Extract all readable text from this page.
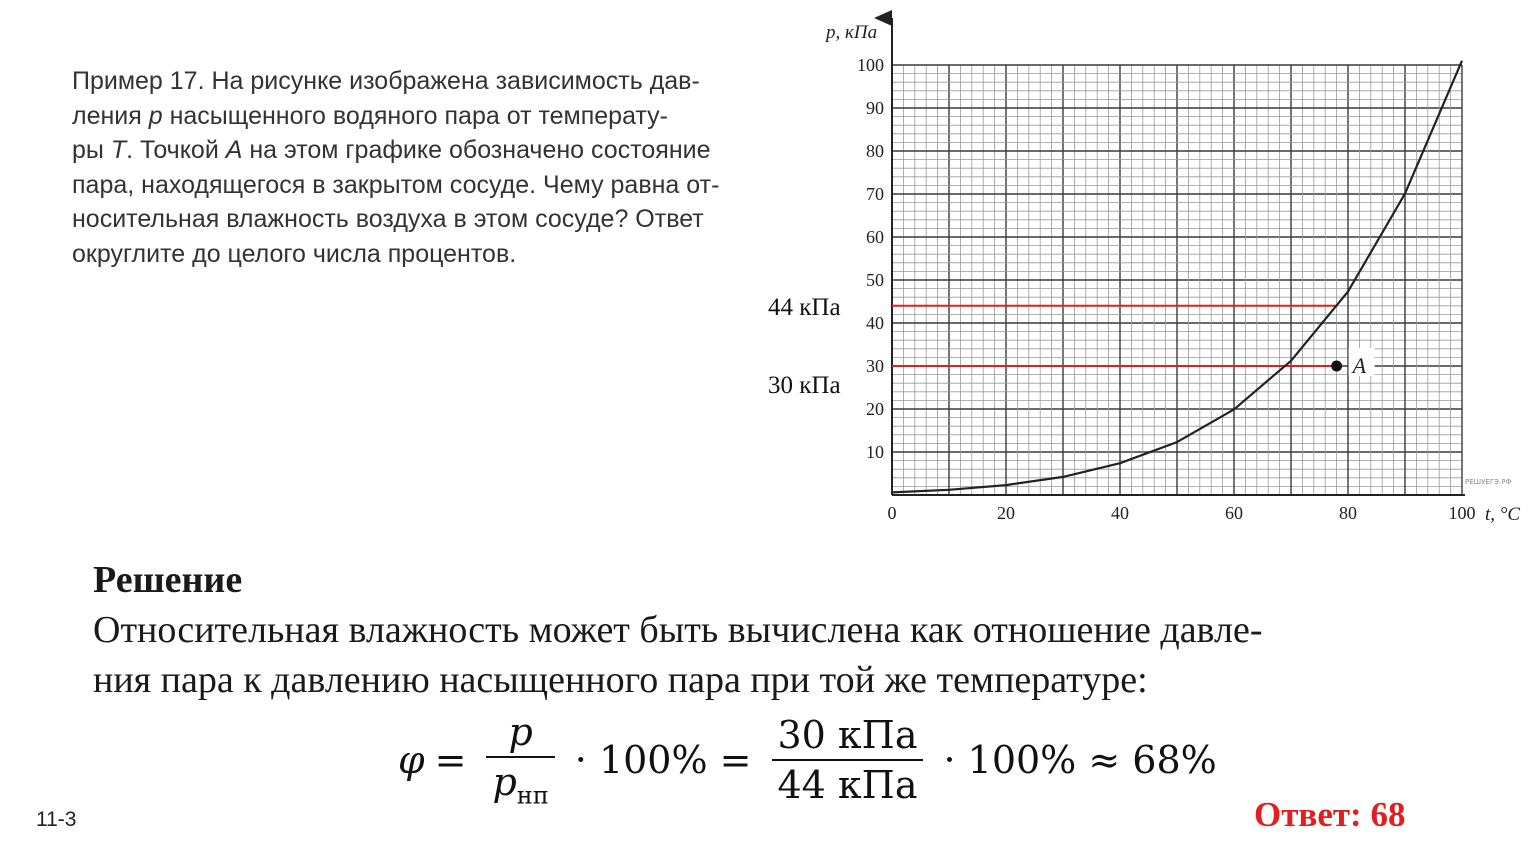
Пример 17. На рисунке изображена зависимость дав-
ления p насыщенного водяного пара от температу-
ры T. Точкой A на этом графике обозначено состояние
пара, находящегося в закрытом сосуде. Чему равна от-
носительная влажность воздуха в этом сосуде? Ответ
округлите до целого числа процентов.

p, кПа
t, °C
РЕШУЕГЭ.РФ
0	20	40	60	80	100
10
20
30
40
50
60
70
80
90
100
44 кПа
30 кПа
A

Решение

Относительная влажность может быть вычислена как отношение давле-
ния пара к давлению насыщенного пара при той же температуре:

$\varphi = \frac{p}{p_{нп}} \cdot 100\% = \frac{\text{30 кПа}}{\text{44 кПа}} \cdot 100\% \approx 68\%$
11-3	Ответ: 68
